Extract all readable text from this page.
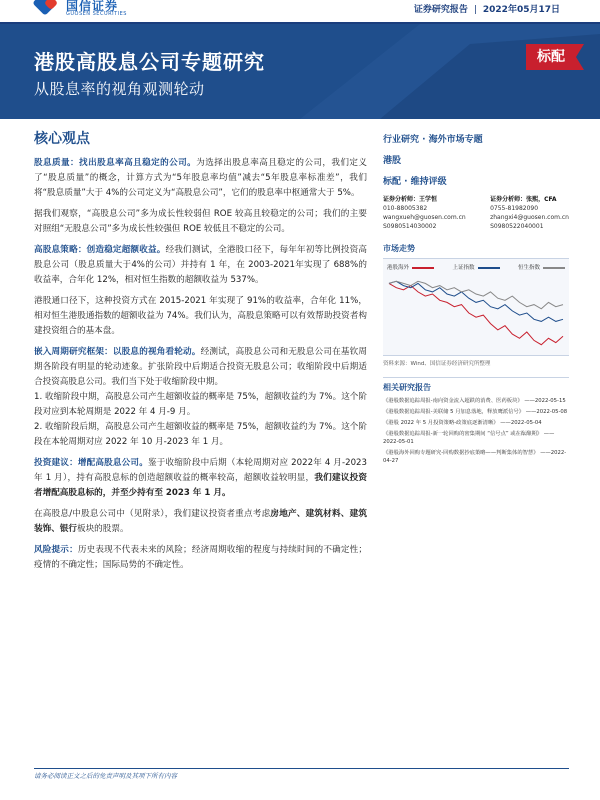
国信证券
GUOSEN SECURITIES	证券研究报告 | 2022年05月17日
港股高股息公司专题研究
从股息率的视角观测轮动
标配
核心观点

股息质量：找出股息率高且稳定的公司。为选择出股息率高且稳定的公司，我们定义了“股息质量”的概念，计算方式为“5年股息率均值”减去“5年股息率标准差”，我们将“股息质量”大于 4%的公司定义为“高股息公司”，它们的股息率中枢通常大于 5%。

据我们观察，“高股息公司”多为成长性较弱但 ROE 较高且较稳定的公司；我们的主要对照组“无股息公司”多为成长性较强但 ROE 较低且不稳定的公司。

高股息策略：创造稳定超额收益。经我们测试，全港股口径下，每年年初等比例投资高股息公司（股息质量大于4%的公司）并持有 1 年，在 2003-2021年实现了 688%的收益率，合年化 12%，相对恒生指数的超额收益为 537%。

港股通口径下，这种投资方式在 2015-2021 年实现了 91%的收益率，合年化 11%，相对恒生港股通指数的超额收益为 74%。我们认为，高股息策略可以有效帮助投资者构建投资组合的基本盘。

嵌入周期研究框架：以股息的视角看轮动。经测试，高股息公司和无股息公司在基钦周期各阶段有明显的轮动迹象。扩张阶段中后期适合投资无股息公司；收缩阶段中后期适合投资高股息公司。我们当下处于收缩阶段中期。
1. 收缩阶段中期，高股息公司产生超额收益的概率是 75%，超额收益约为 7%。这个阶段对应到本轮周期是 2022 年 4 月-9 月。
2. 收缩阶段后期，高股息公司产生超额收益的概率是 75%，超额收益约为 7%。这个阶段在本轮周期对应 2022 年 10 月-2023 年 1 月。

投资建议：增配高股息公司。鉴于收缩阶段中后期（本轮周期对应 2022年 4 月-2023 年 1 月），持有高股息标的创造超额收益的概率较高，超额收益较明显，我们建议投资者增配高股息标的，并至少持有至 2023 年 1 月。

在高股息/中股息公司中（见附录），我们建议投资者重点考虑房地产、建筑材料、建筑装饰、银行板块的股票。

风险提示：历史表现不代表未来的风险；经济周期收缩的程度与持续时间的不确定性；疫情的不确定性；国际局势的不确定性。

行业研究 · 海外市场专题
港股
标配 · 维持评级
证券分析师：王学恒
010-88005382
wangxueh@guosen.com.cn
S0980514030002
证券分析师：张熙，CFA
0755-81982090
zhangxi4@guosen.com.cn
S0980522040001
市场走势
港股海外	上证指数	恒生指数
资料来源：Wind、国信证券经济研究所整理
相关研究报告
《港股数据追踪周报-南向资金流入超跌的消费、医药板块》 ——2022-05-15
《港股数据追踪周报-美联储 5 月加息落地，释放鹰派信号》 ——2022-05-08
《港股 2022 年 5 月投资策略-政策底逐渐清晰》 ——2022-05-04
《港股数据追踪周报-新一轮回购的密集期间 “信号点” 或在酝酿期》 ——2022-05-01
《港股海外回购专题研究-回购数据抄底策略——判断集体的智慧》 ——2022-04-27
请务必阅读正文之后的免责声明及其项下所有内容
